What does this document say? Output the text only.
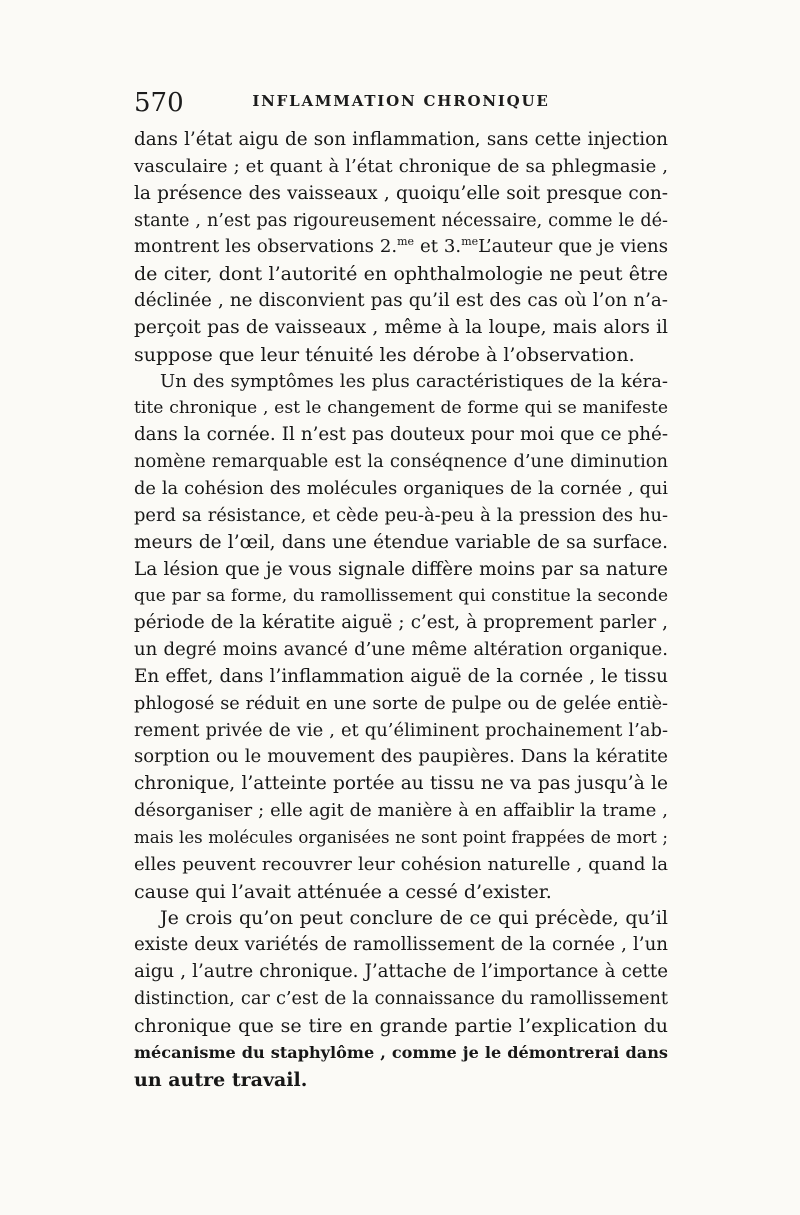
570	INFLAMMATION CHRONIQUE
dans l’état aigu de son inflammation, sans cette injection
vasculaire ; et quant à l’état chronique de sa phlegmasie ,
la présence des vaisseaux , quoiqu’elle soit presque con-
stante , n’est pas rigoureusement nécessaire, comme le dé-
montrent les observations 2.$^{me}$ et 3.$^{me}$L’auteur que je viens
de citer, dont l’autorité en ophthalmologie ne peut être
déclinée , ne disconvient pas qu’il est des cas où l’on n’a-
perçoit pas de vaisseaux , même à la loupe, mais alors il
suppose que leur ténuité les dérobe à l’observation.
Un des symptômes les plus caractéristiques de la kéra-
tite chronique , est le changement de forme qui se manifeste
dans la cornée. Il n’est pas douteux pour moi que ce phé-
nomène remarquable est la conséqnence d’une diminution
de la cohésion des molécules organiques de la cornée , qui
perd sa résistance, et cède peu-à-peu à la pression des hu-
meurs de l’œil, dans une étendue variable de sa surface.
La lésion que je vous signale diffère moins par sa nature
que par sa forme, du ramollissement qui constitue la seconde
période de la kératite aiguë ; c’est, à proprement parler ,
un degré moins avancé d’une même altération organique.
En effet, dans l’inflammation aiguë de la cornée , le tissu
phlogosé se réduit en une sorte de pulpe ou de gelée entiè-
rement privée de vie , et qu’éliminent prochainement l’ab-
sorption ou le mouvement des paupières. Dans la kératite
chronique, l’atteinte portée au tissu ne va pas jusqu’à le
désorganiser ; elle agit de manière à en affaiblir la trame ,
mais les molécules organisées ne sont point frappées de mort ;
elles peuvent recouvrer leur cohésion naturelle , quand la
cause qui l’avait atténuée a cessé d’exister.
Je crois qu’on peut conclure de ce qui précède, qu’il
existe deux variétés de ramollissement de la cornée , l’un
aigu , l’autre chronique. J’attache de l’importance à cette
distinction, car c’est de la connaissance du ramollissement
chronique que se tire en grande partie l’explication du
mécanisme du staphylôme , comme je le démontrerai dans
un autre travail.
